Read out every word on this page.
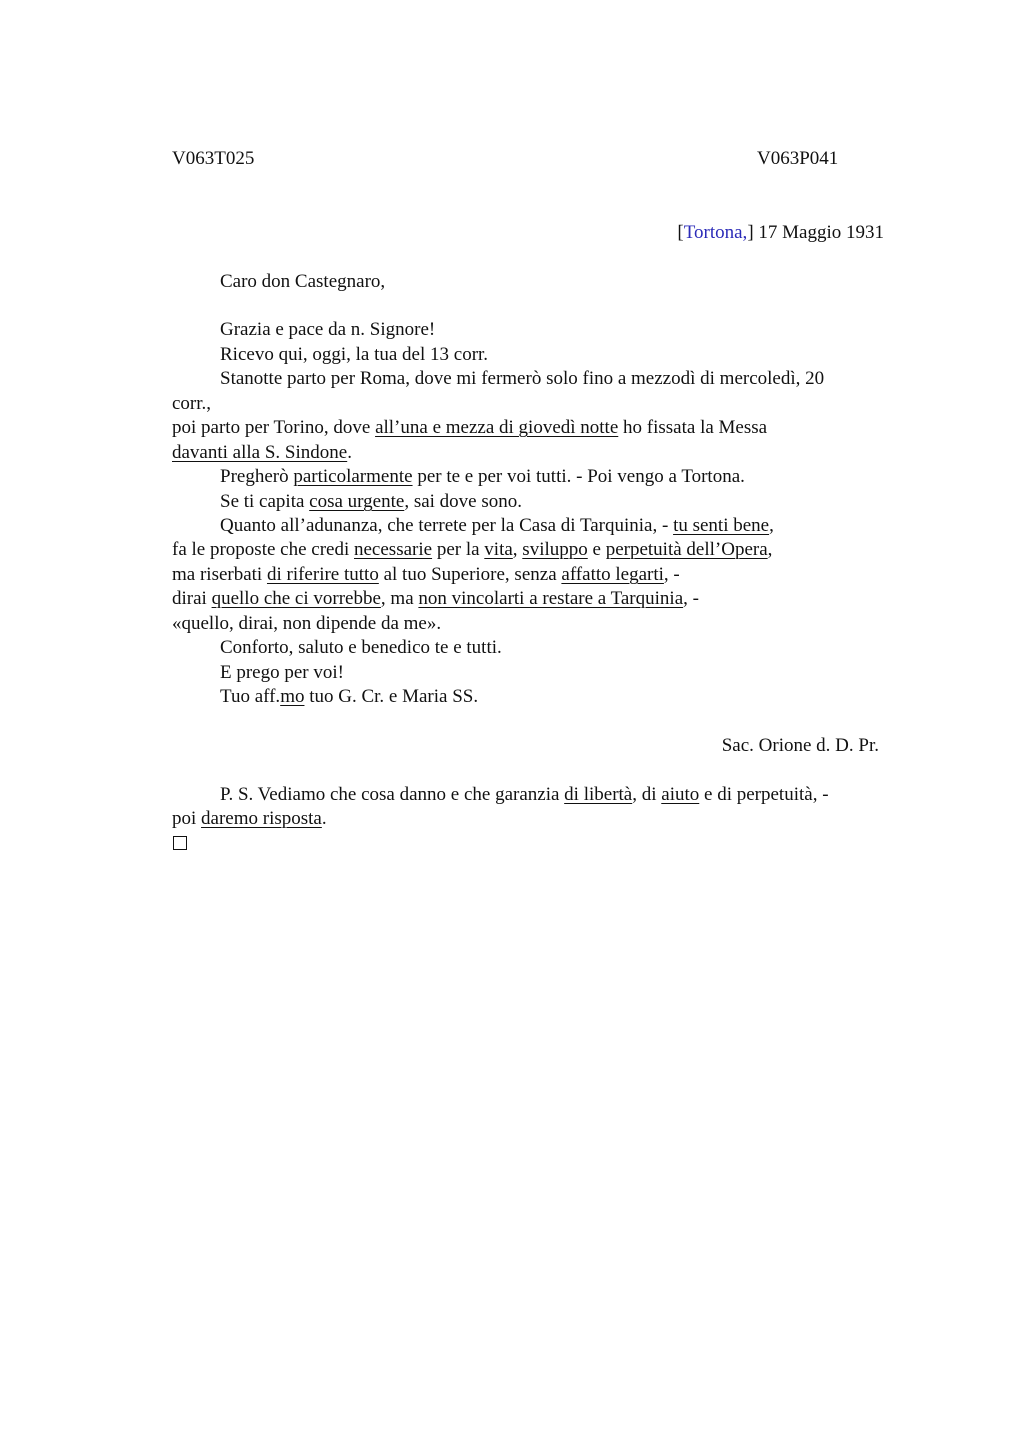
V063T025	V063P041
[Tortona,] 17 Maggio 1931
Caro don Castegnaro,
Grazia e pace da n. Signore!
Ricevo qui, oggi, la tua del 13 corr.
Stanotte parto per Roma, dove mi fermerò solo fino a mezzodì di mercoledì, 20
corr.,
poi parto per Torino, dove all’una e mezza di giovedì notte ho fissata la Messa
davanti alla S. Sindone.
Pregherò particolarmente per te e per voi tutti. - Poi vengo a Tortona.
Se ti capita cosa urgente, sai dove sono.
Quanto all’adunanza, che terrete per la Casa di Tarquinia, - tu senti bene,
fa le proposte che credi necessarie per la vita, sviluppo e perpetuità dell’Opera,
ma riserbati di riferire tutto al tuo Superiore, senza affatto legarti, -
dirai quello che ci vorrebbe, ma non vincolarti a restare a Tarquinia, -
«quello, dirai, non dipende da me».
Conforto, saluto e benedico te e tutti.
E prego per voi!
Tuo aff.mo tuo G. Cr. e Maria SS.
Sac. Orione d. D. Pr.
P. S. Vediamo che cosa danno e che garanzia di libertà, di aiuto e di perpetuità, -
poi daremo risposta.
